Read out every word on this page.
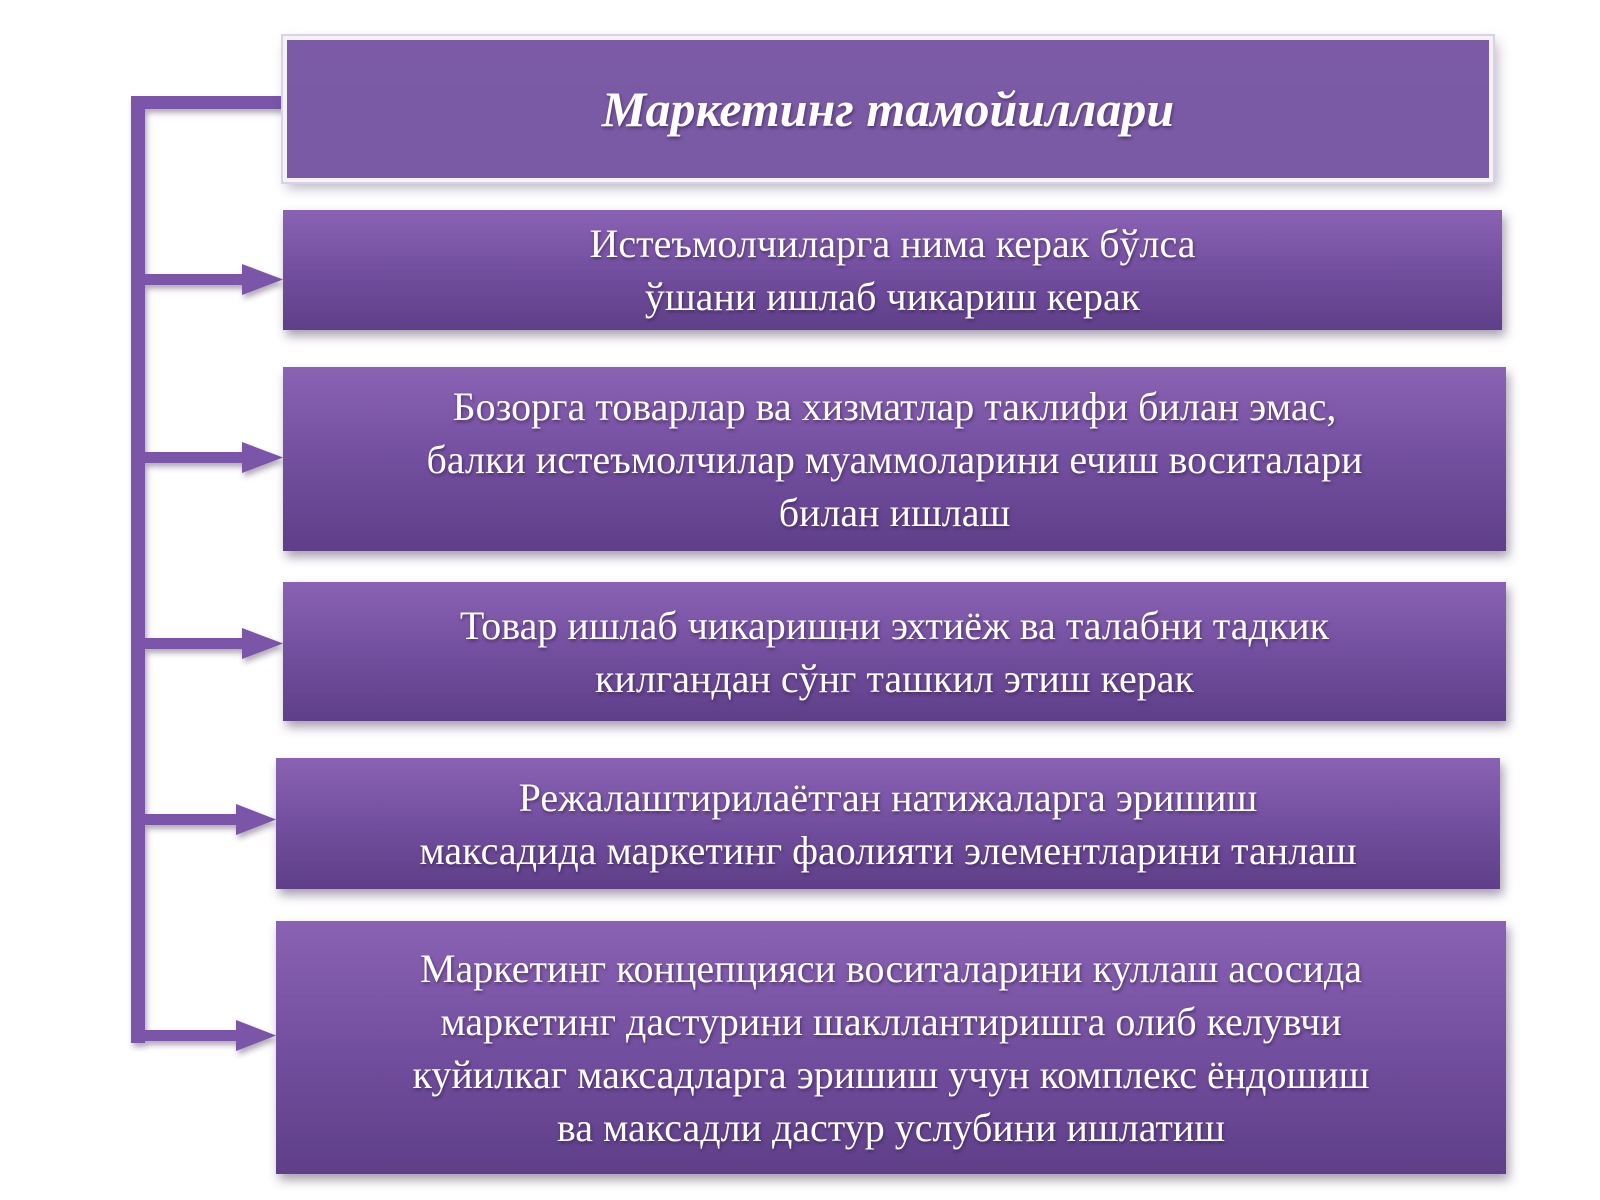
Маркетинг тамойиллари
Истеъмолчиларга нима керак бўлса
ўшани ишлаб чикариш керак
Бозорга товарлар ва хизматлар таклифи билан эмас,
балки истеъмолчилар муаммоларини ечиш воситалари
билан ишлаш
Товар ишлаб чикаришни эхтиёж ва талабни тадкик
килгандан сўнг ташкил этиш керак
Режалаштирилаётган натижаларга эришиш
максадида маркетинг фаолияти элементларини танлаш
Маркетинг концепцияси воситаларини куллаш асосида
маркетинг дастурини шакллантиришга олиб келувчи
куйилкаг максадларга эришиш учун комплекс ёндошиш
ва максадли дастур услубини ишлатиш
